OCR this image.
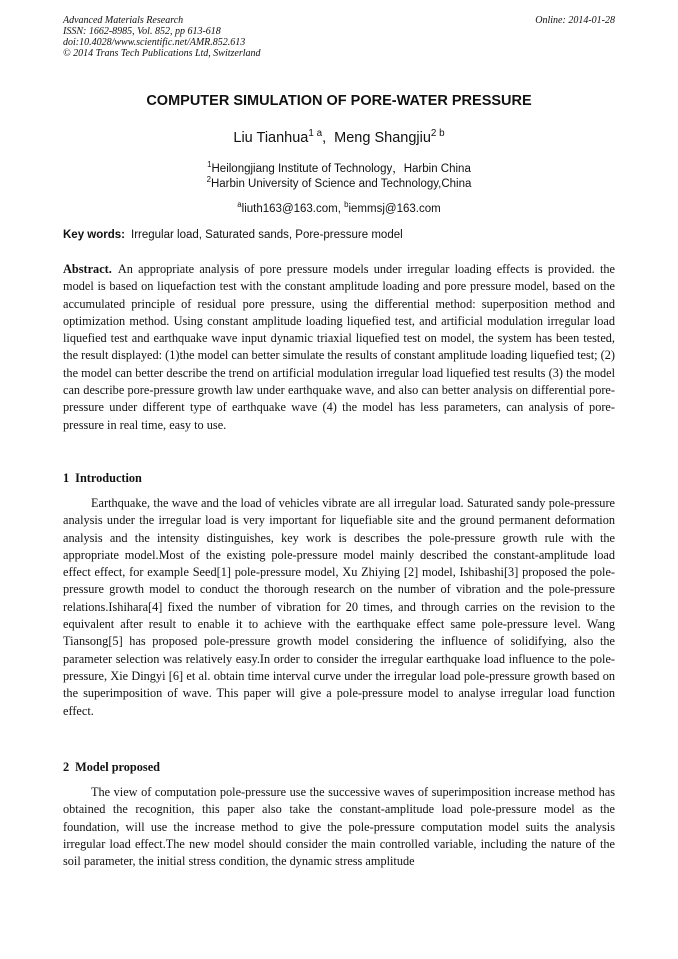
Advanced Materials Research
ISSN: 1662-8985, Vol. 852, pp 613-618
doi:10.4028/www.scientific.net/AMR.852.613
© 2014 Trans Tech Publications Ltd, Switzerland
Online: 2014-01-28
COMPUTER SIMULATION OF PORE-WATER PRESSURE
Liu Tianhua$^{1 a}$,  Meng Shangjiu$^{2 b}$
$^1$Heilongjiang Institute of Technology，Harbin China
$^2$Harbin University of Science and Technology,China
$^a$liuth163@163.com, $^b$iemmsj@163.com
Key words: Irregular load, Saturated sands, Pore-pressure model
Abstract. An appropriate analysis of pore pressure models under irregular loading effects is provided. the model is based on liquefaction test with the constant amplitude loading and pore pressure model, based on the accumulated principle of residual pore pressure, using the differential method: superposition method and optimization method. Using constant amplitude loading liquefied test, and artificial modulation irregular load liquefied test and earthquake wave input dynamic triaxial liquefied test on model, the system has been tested, the result displayed: (1)the model can better simulate the results of constant amplitude loading liquefied test; (2) the model can better describe the trend on artificial modulation irregular load liquefied test results (3) the model can describe pore-pressure growth law under earthquake wave, and also can better analysis on differential pore-pressure under different type of earthquake wave (4) the model has less parameters, can analysis of pore-pressure in real time, easy to use.
1 Introduction
Earthquake, the wave and the load of vehicles vibrate are all irregular load. Saturated sandy pole-pressure analysis under the irregular load is very important for liquefiable site and the ground permanent deformation analysis and the intensity distinguishes, key work is describes the pole-pressure growth rule with the appropriate model.Most of the existing pole-pressure model mainly described the constant-amplitude load effect effect, for example Seed[1] pole-pressure model, Xu Zhiying [2] model, Ishibashi[3] proposed the pole-pressure growth model to conduct the thorough research on the number of vibration and the pole-pressure relations.Ishihara[4] fixed the number of vibration for 20 times, and through carries on the revision to the equivalent after result to enable it to achieve with the earthquake effect same pole-pressure level. Wang Tiansong[5] has proposed pole-pressure growth model considering the influence of solidifying, also the parameter selection was relatively easy.In order to consider the irregular earthquake load influence to the pole-pressure, Xie Dingyi [6] et al. obtain time interval curve under the irregular load pole-pressure growth based on the superimposition of wave. This paper will give a pole-pressure model to analyse irregular load function effect.
2 Model proposed
The view of computation pole-pressure use the successive waves of superimposition increase method has obtained the recognition, this paper also take the constant-amplitude load pole-pressure model as the foundation, will use the increase method to give the pole-pressure computation model suits the analysis irregular load effect.The new model should consider the main controlled variable, including the nature of the soil parameter, the initial stress condition, the dynamic stress amplitude
